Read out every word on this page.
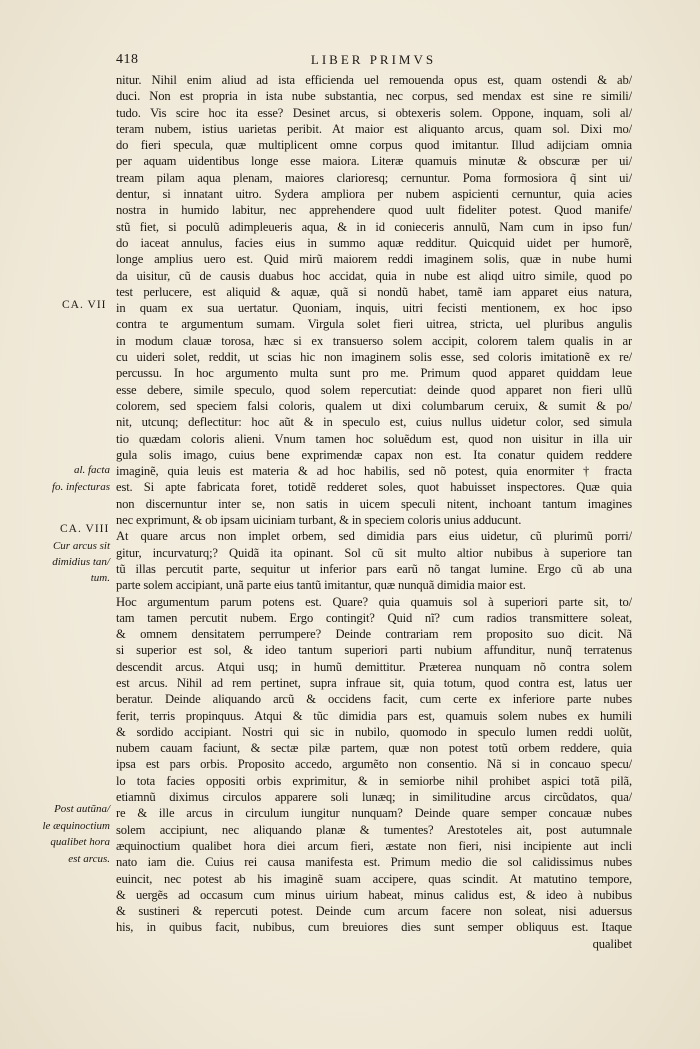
418	LIBER PRIMVS
nitur. Nihil enim aliud ad ista efficienda uel remouenda opus est, quam ostendi & ab/
duci. Non est propria in ista nube substantia, nec corpus, sed mendax est sine re simili/
tudo. Vis scire hoc ita esse? Desinet arcus, si obtexeris solem. Oppone, inquam, soli al/
teram nubem, istius uarietas peribit. At maior est aliquanto arcus, quam sol. Dixi mo/
do fieri specula, quæ multiplicent omne corpus quod imitantur. Illud adijciam omnia
per aquam uidentibus longe esse maiora. Literæ quamuis minutæ & obscuræ per ui/
tream pilam aqua plenam, maiores clarioresq; cernuntur. Poma formosiora q̃ sint ui/
dentur, si innatant uitro. Sydera ampliora per nubem aspicienti cernuntur, quia acies
nostra in humido labitur, nec apprehendere quod uult fideliter potest. Quod manife/
stũ fiet, si poculũ adimpleueris aqua, & in id conieceris annulũ, Nam cum in ipso fun/
do iaceat annulus, facies eius in summo aquæ redditur. Quicquid uidet per humorẽ,
longe amplius uero est. Quid mirũ maiorem reddi imaginem solis, quæ in nube humi
da uisitur, cũ de causis duabus hoc accidat, quia in nube est aliqd uitro simile, quod po
test perlucere, est aliquid & aquæ, quã si nondũ habet, tamẽ iam apparet eius natura,
in quam ex sua uertatur. Quoniam, inquis, uitri fecisti mentionem, ex hoc ipso
contra te argumentum sumam. Virgula solet fieri uitrea, stricta, uel pluribus angulis
in modum clauæ torosa, hæc si ex transuerso solem accipit, colorem talem qualis in ar
cu uideri solet, reddit, ut scias hic non imaginem solis esse, sed coloris imitationẽ ex re/
percussu. In hoc argumento multa sunt pro me. Primum quod apparet quiddam leue
esse debere, simile speculo, quod solem repercutiat: deinde quod apparet non fieri ullũ
colorem, sed speciem falsi coloris, qualem ut dixi columbarum ceruix, & sumit & po/
nit, utcunq; deflectitur: hoc aũt & in speculo est, cuius nullus uidetur color, sed simula
tio quædam coloris alieni. Vnum tamen hoc soluẽdum est, quod non uisitur in illa uir
gula solis imago, cuius bene exprimendæ capax non est. Ita conatur quidem reddere
imaginẽ, quia leuis est materia & ad hoc habilis, sed nõ potest, quia enormiter † fracta
est. Si apte fabricata foret, totidẽ redderet soles, quot habuisset inspectores. Quæ quia
non discernuntur inter se, non satis in uicem speculi nitent, inchoant tantum imagines
nec exprimunt, & ob ipsam uiciniam turbant, & in speciem coloris unius adducunt.
At quare arcus non implet orbem, sed dimidia pars eius uidetur, cũ plurimũ porri/
gitur, incurvaturq;? Quidã ita opinant. Sol cũ sit multo altior nubibus à superiore tan
tũ illas percutit parte, sequitur ut inferior pars earũ nõ tangat lumine. Ergo cũ ab una
parte solem accipiant, unã parte eius tantũ imitantur, quæ nunquã dimidia maior est.
Hoc argumentum parum potens est. Quare? quia quamuis sol à superiori parte sit, to/
tam tamen percutit nubem. Ergo contingit? Quid nĩ? cum radios transmittere soleat,
& omnem densitatem perrumpere? Deinde contrariam rem proposito suo dicit. Nã
si superior est sol, & ideo tantum superiori parti nubium affunditur, nunq̃ terratenus
descendit arcus. Atqui usq; in humũ demittitur. Præterea nunquam nõ contra solem
est arcus. Nihil ad rem pertinet, supra infraue sit, quia totum, quod contra est, latus uer
beratur. Deinde aliquando arcũ & occidens facit, cum certe ex inferiore parte nubes
ferit, terris propinquus. Atqui & tũc dimidia pars est, quamuis solem nubes ex humili
& sordido accipiant. Nostri qui sic in nubilo, quomodo in speculo lumen reddi uolũt,
nubem cauam faciunt, & sectæ pilæ partem, quæ non potest totũ orbem reddere, quia
ipsa est pars orbis. Proposito accedo, argumẽto non consentio. Nã si in concauo specu/
lo tota facies oppositi orbis exprimitur, & in semiorbe nihil prohibet aspici totã pilã,
etiamnũ diximus circulos apparere soli lunæq; in similitudine arcus circũdatos, qua/
re & ille arcus in circulum iungitur nunquam? Deinde quare semper concauæ nubes
solem accipiunt, nec aliquando planæ & tumentes? Arestoteles ait, post autumnale
æquinoctium qualibet hora diei arcum fieri, æstate non fieri, nisi incipiente aut incli
nato iam die. Cuius rei causa manifesta est. Primum medio die sol calidissimus nubes
euincit, nec potest ab his imaginẽ suam accipere, quas scindit. At matutino tempore,
& uergẽs ad occasum cum minus uirium habeat, minus calidus est, & ideo à nubibus
& sustineri & repercuti potest. Deinde cum arcum facere non soleat, nisi aduersus
his, in quibus facit, nubibus, cum breuiores dies sunt semper obliquus est. Itaque
qualibet
CA. VII
al. facta
fo. infecturas
CA. VIII
Cur arcus sit
dimidius tan/
tum.
Post autũna/
le æquinoctium
qualibet hora
est arcus.
